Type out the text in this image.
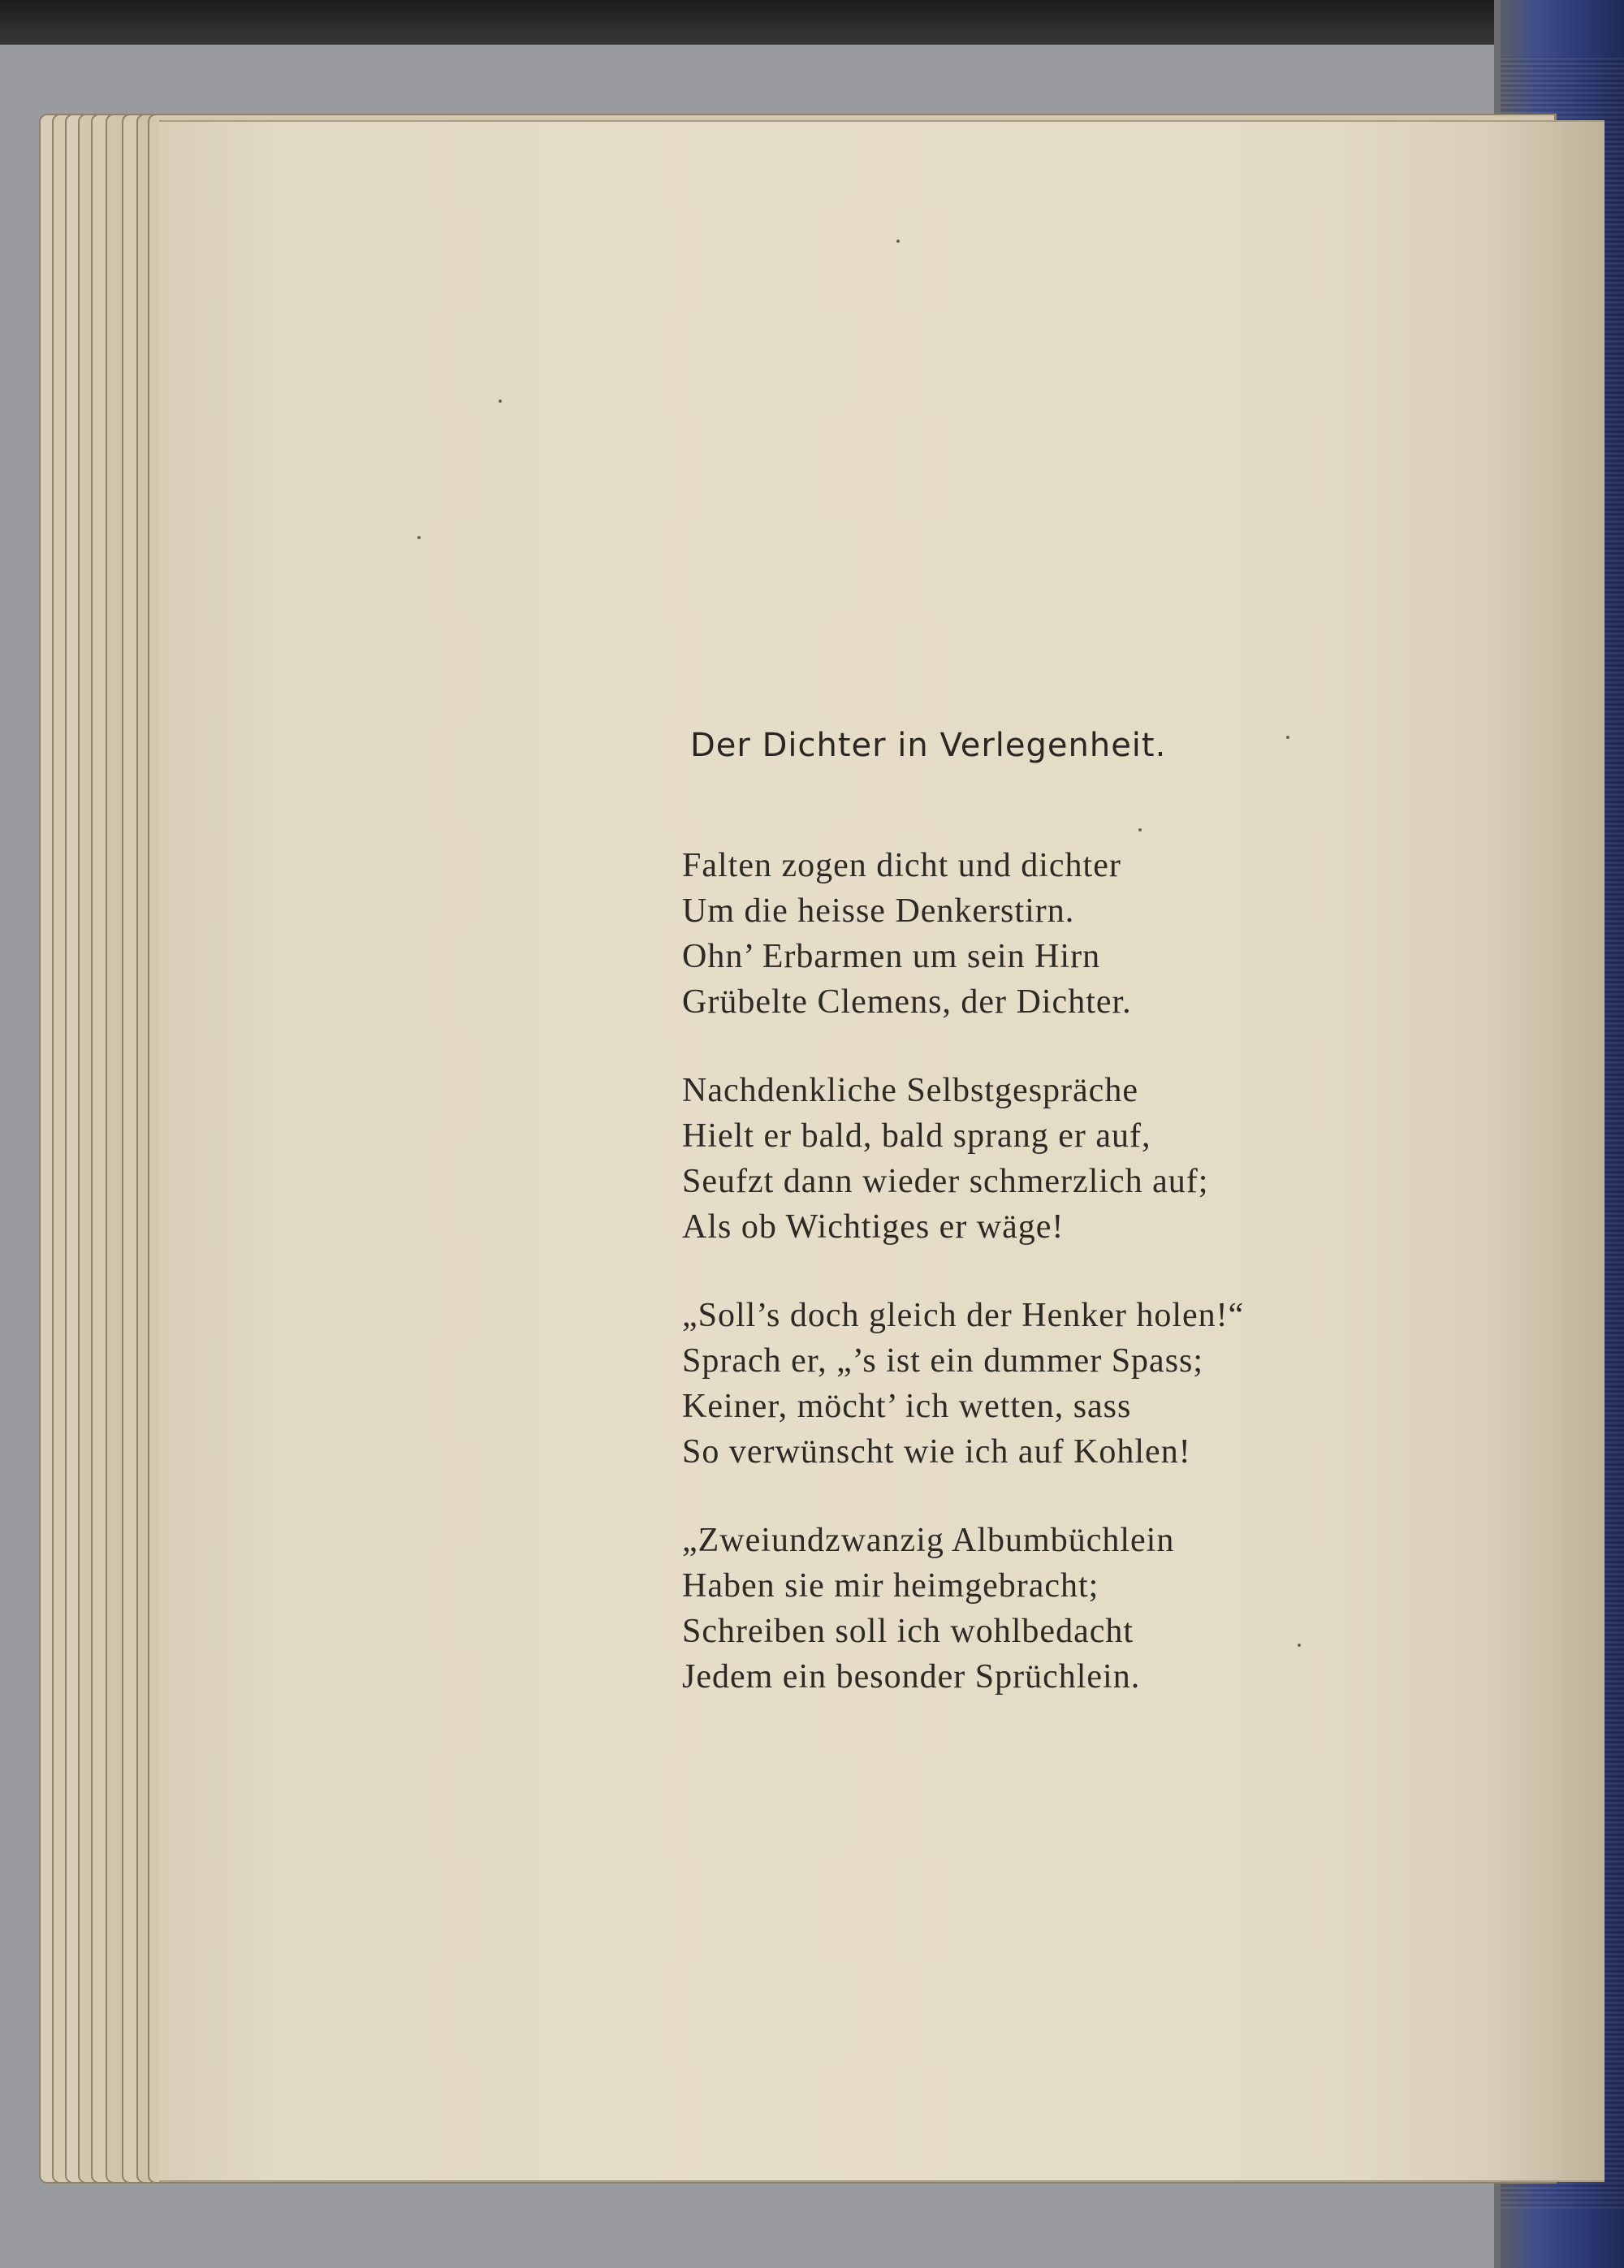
Der Dichter in Verlegenheit.
Falten zogen dicht und dichter
Um die heisse Denkerstirn.
Ohn’ Erbarmen um sein Hirn
Grübelte Clemens, der Dichter.
Nachdenkliche Selbstgespräche
Hielt er bald, bald sprang er auf,
Seufzt dann wieder schmerzlich auf;
Als ob Wichtiges er wäge!
„Soll’s doch gleich der Henker holen!“
Sprach er, „’s ist ein dummer Spass;
Keiner, möcht’ ich wetten, sass
So verwünscht wie ich auf Kohlen!
„Zweiundzwanzig Albumbüchlein
Haben sie mir heimgebracht;
Schreiben soll ich wohlbedacht
Jedem ein besonder Sprüchlein.
